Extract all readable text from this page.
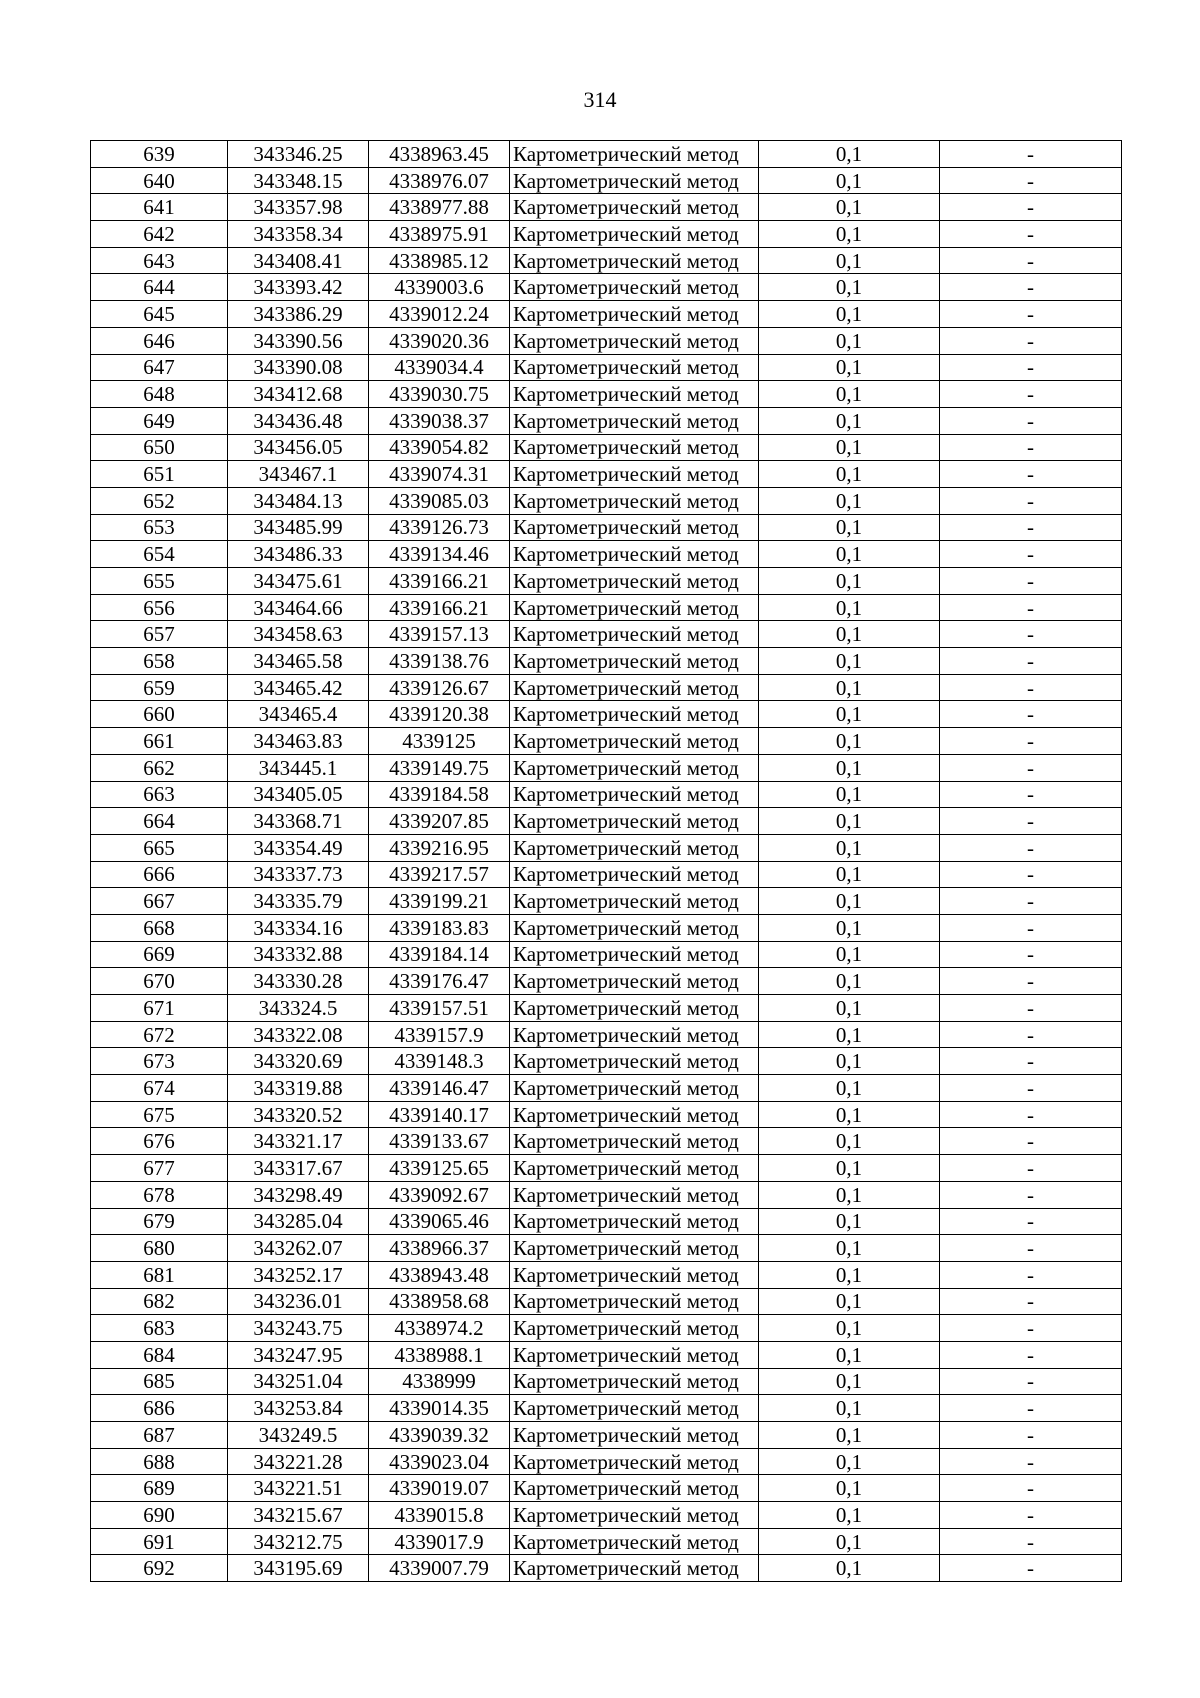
314
639	343346.25	4338963.45	Картометрический метод	0,1	-
640	343348.15	4338976.07	Картометрический метод	0,1	-
641	343357.98	4338977.88	Картометрический метод	0,1	-
642	343358.34	4338975.91	Картометрический метод	0,1	-
643	343408.41	4338985.12	Картометрический метод	0,1	-
644	343393.42	4339003.6	Картометрический метод	0,1	-
645	343386.29	4339012.24	Картометрический метод	0,1	-
646	343390.56	4339020.36	Картометрический метод	0,1	-
647	343390.08	4339034.4	Картометрический метод	0,1	-
648	343412.68	4339030.75	Картометрический метод	0,1	-
649	343436.48	4339038.37	Картометрический метод	0,1	-
650	343456.05	4339054.82	Картометрический метод	0,1	-
651	343467.1	4339074.31	Картометрический метод	0,1	-
652	343484.13	4339085.03	Картометрический метод	0,1	-
653	343485.99	4339126.73	Картометрический метод	0,1	-
654	343486.33	4339134.46	Картометрический метод	0,1	-
655	343475.61	4339166.21	Картометрический метод	0,1	-
656	343464.66	4339166.21	Картометрический метод	0,1	-
657	343458.63	4339157.13	Картометрический метод	0,1	-
658	343465.58	4339138.76	Картометрический метод	0,1	-
659	343465.42	4339126.67	Картометрический метод	0,1	-
660	343465.4	4339120.38	Картометрический метод	0,1	-
661	343463.83	4339125	Картометрический метод	0,1	-
662	343445.1	4339149.75	Картометрический метод	0,1	-
663	343405.05	4339184.58	Картометрический метод	0,1	-
664	343368.71	4339207.85	Картометрический метод	0,1	-
665	343354.49	4339216.95	Картометрический метод	0,1	-
666	343337.73	4339217.57	Картометрический метод	0,1	-
667	343335.79	4339199.21	Картометрический метод	0,1	-
668	343334.16	4339183.83	Картометрический метод	0,1	-
669	343332.88	4339184.14	Картометрический метод	0,1	-
670	343330.28	4339176.47	Картометрический метод	0,1	-
671	343324.5	4339157.51	Картометрический метод	0,1	-
672	343322.08	4339157.9	Картометрический метод	0,1	-
673	343320.69	4339148.3	Картометрический метод	0,1	-
674	343319.88	4339146.47	Картометрический метод	0,1	-
675	343320.52	4339140.17	Картометрический метод	0,1	-
676	343321.17	4339133.67	Картометрический метод	0,1	-
677	343317.67	4339125.65	Картометрический метод	0,1	-
678	343298.49	4339092.67	Картометрический метод	0,1	-
679	343285.04	4339065.46	Картометрический метод	0,1	-
680	343262.07	4338966.37	Картометрический метод	0,1	-
681	343252.17	4338943.48	Картометрический метод	0,1	-
682	343236.01	4338958.68	Картометрический метод	0,1	-
683	343243.75	4338974.2	Картометрический метод	0,1	-
684	343247.95	4338988.1	Картометрический метод	0,1	-
685	343251.04	4338999	Картометрический метод	0,1	-
686	343253.84	4339014.35	Картометрический метод	0,1	-
687	343249.5	4339039.32	Картометрический метод	0,1	-
688	343221.28	4339023.04	Картометрический метод	0,1	-
689	343221.51	4339019.07	Картометрический метод	0,1	-
690	343215.67	4339015.8	Картометрический метод	0,1	-
691	343212.75	4339017.9	Картометрический метод	0,1	-
692	343195.69	4339007.79	Картометрический метод	0,1	-
